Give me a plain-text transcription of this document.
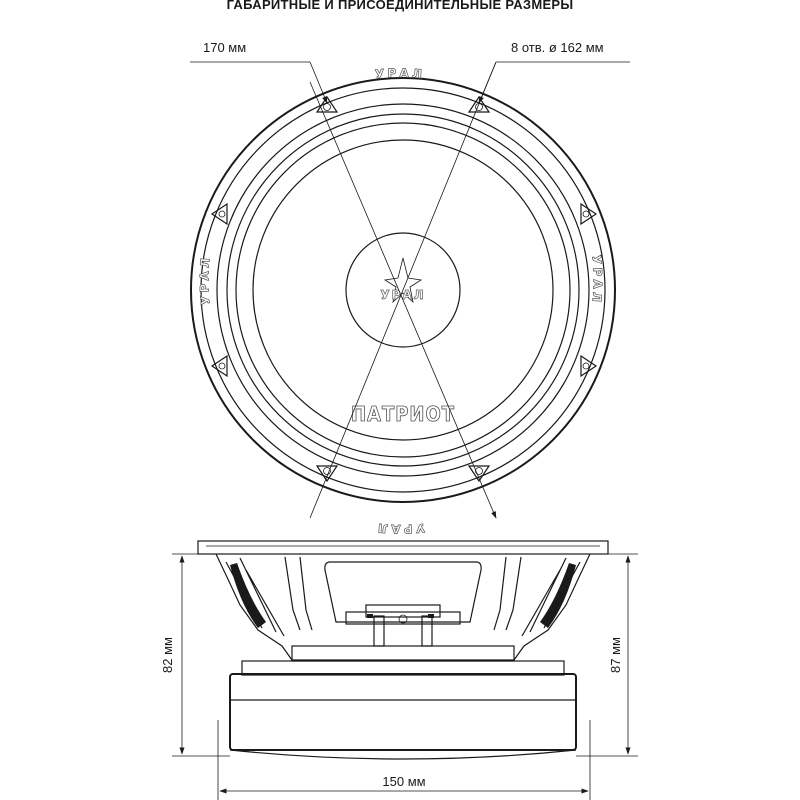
ГАБАРИТНЫЕ И ПРИСОЕДИНИТЕЛЬНЫЕ РАЗМЕРЫ
УРАЛ
УРАЛ
УРАЛ	УРАЛ
УРАЛ
ПАТРИОТ
170 мм	8 отв. ø 162 мм
82 мм	87 мм
150 мм
